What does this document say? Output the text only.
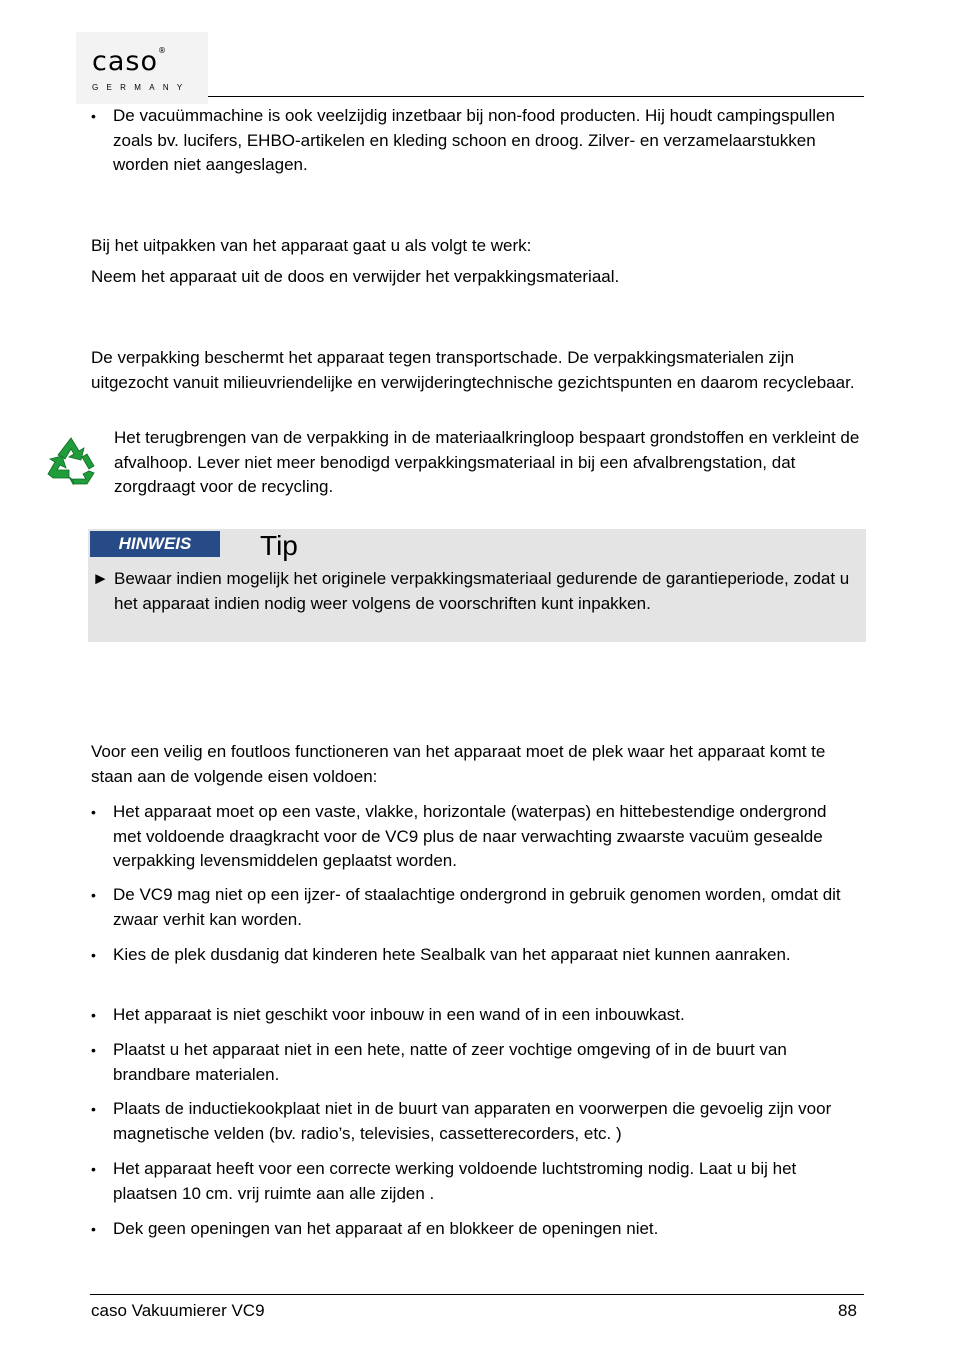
caso®
GERMANY
•	De vacuümmachine is ook veelzijdig inzetbaar bij non-food producten. Hij houdt campingspullen zoals bv. lucifers, EHBO-artikelen en kleding schoon en droog. Zilver- en verzamelaarstukken worden niet aangeslagen.
Bij het uitpakken van het apparaat gaat u als volgt te werk:
Neem het apparaat uit de doos en verwijder het verpakkingsmateriaal.
De verpakking beschermt het apparaat tegen transportschade. De verpakkingsmaterialen zijn uitgezocht vanuit milieuvriendelijke en verwijderingtechnische gezichtspunten en daarom recyclebaar.
Het terugbrengen van de verpakking in de materiaalkringloop bespaart grondstoffen en verkleint de afvalhoop. Lever niet meer benodigd verpakkingsmateriaal in bij een afvalbrengstation, dat zorgdraagt voor de recycling.
HINWEIS	Tip
► Bewaar indien mogelijk het originele verpakkingsmateriaal gedurende de garantieperiode, zodat u het apparaat indien nodig weer volgens de voorschriften kunt inpakken.
Voor een veilig en foutloos functioneren van het apparaat moet de plek waar het apparaat komt te staan aan de volgende eisen voldoen:
•	Het apparaat moet op een vaste, vlakke, horizontale (waterpas) en hittebestendige ondergrond met voldoende draagkracht voor de VC9 plus de naar verwachting zwaarste vacuüm gesealde verpakking levensmiddelen geplaatst worden.
•	De VC9 mag niet op een ijzer- of staalachtige ondergrond in gebruik genomen worden, omdat dit zwaar verhit kan worden.
•	Kies de plek dusdanig dat kinderen hete Sealbalk van het apparaat niet kunnen aanraken.
•	Het apparaat is niet geschikt voor inbouw in een wand of in een inbouwkast.
•	Plaatst u het apparaat niet in een hete, natte of zeer vochtige omgeving of in de buurt van brandbare materialen.
•	Plaats de inductiekookplaat niet in de buurt van apparaten en voorwerpen die gevoelig zijn voor magnetische velden (bv. radio’s, televisies, cassetterecorders, etc. )
•	Het apparaat heeft voor een correcte werking voldoende luchtstroming nodig. Laat u bij het plaatsen 10 cm. vrij ruimte aan alle zijden .
•	Dek geen openingen van het apparaat af en blokkeer de openingen niet.
caso Vakuumierer VC9	88
